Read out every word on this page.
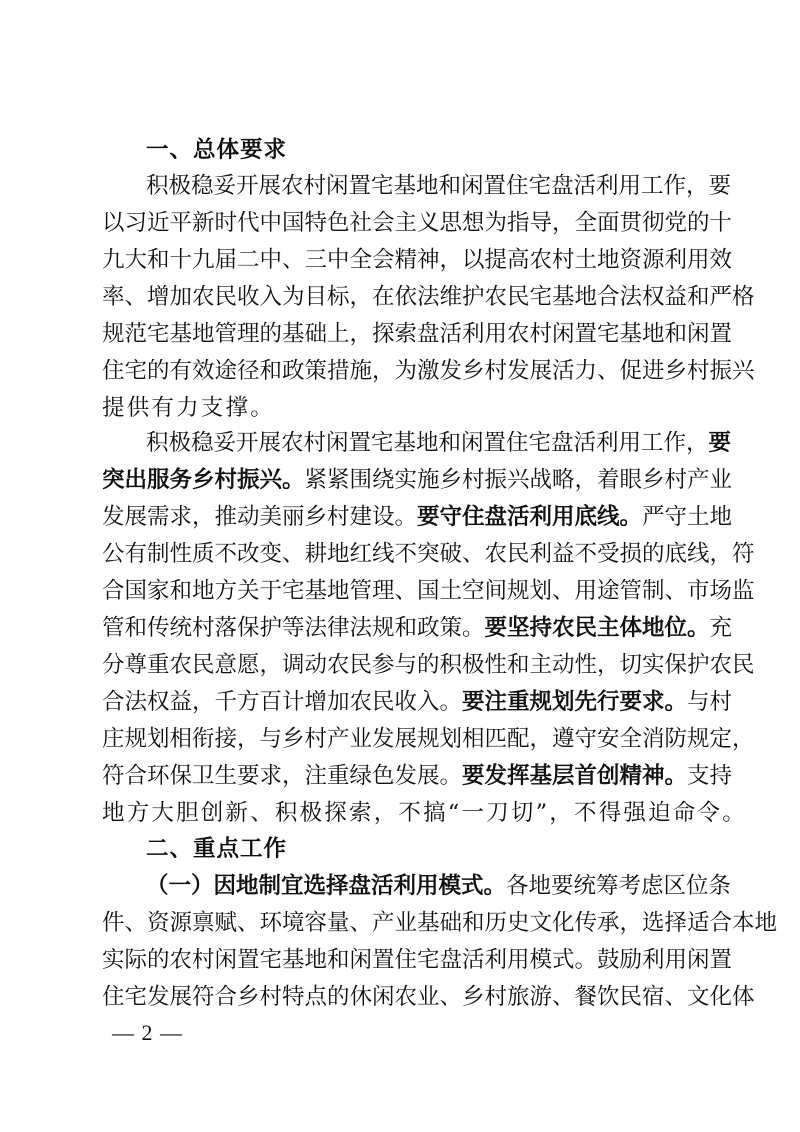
一、总体要求
积极稳妥开展农村闲置宅基地和闲置住宅盘活利用工作，要
以习近平新时代中国特色社会主义思想为指导，全面贯彻党的十
九大和十九届二中、三中全会精神，以提高农村土地资源利用效
率、增加农民收入为目标，在依法维护农民宅基地合法权益和严格
规范宅基地管理的基础上，探索盘活利用农村闲置宅基地和闲置
住宅的有效途径和政策措施，为激发乡村发展活力、促进乡村振兴
提供有力支撑。
积极稳妥开展农村闲置宅基地和闲置住宅盘活利用工作，要
突出服务乡村振兴。紧紧围绕实施乡村振兴战略，着眼乡村产业
发展需求，推动美丽乡村建设。要守住盘活利用底线。严守土地
公有制性质不改变、耕地红线不突破、农民利益不受损的底线，符
合国家和地方关于宅基地管理、国土空间规划、用途管制、市场监
管和传统村落保护等法律法规和政策。要坚持农民主体地位。充
分尊重农民意愿，调动农民参与的积极性和主动性，切实保护农民
合法权益，千方百计增加农民收入。要注重规划先行要求。与村
庄规划相衔接，与乡村产业发展规划相匹配，遵守安全消防规定，
符合环保卫生要求，注重绿色发展。要发挥基层首创精神。支持
地方大胆创新、积极探索，不搞“一刀切”，不得强迫命令。
二、重点工作
（一）因地制宜选择盘活利用模式。各地要统筹考虑区位条
件、资源禀赋、环境容量、产业基础和历史文化传承，选择适合本地
实际的农村闲置宅基地和闲置住宅盘活利用模式。鼓励利用闲置
住宅发展符合乡村特点的休闲农业、乡村旅游、餐饮民宿、文化体
— 2 —
